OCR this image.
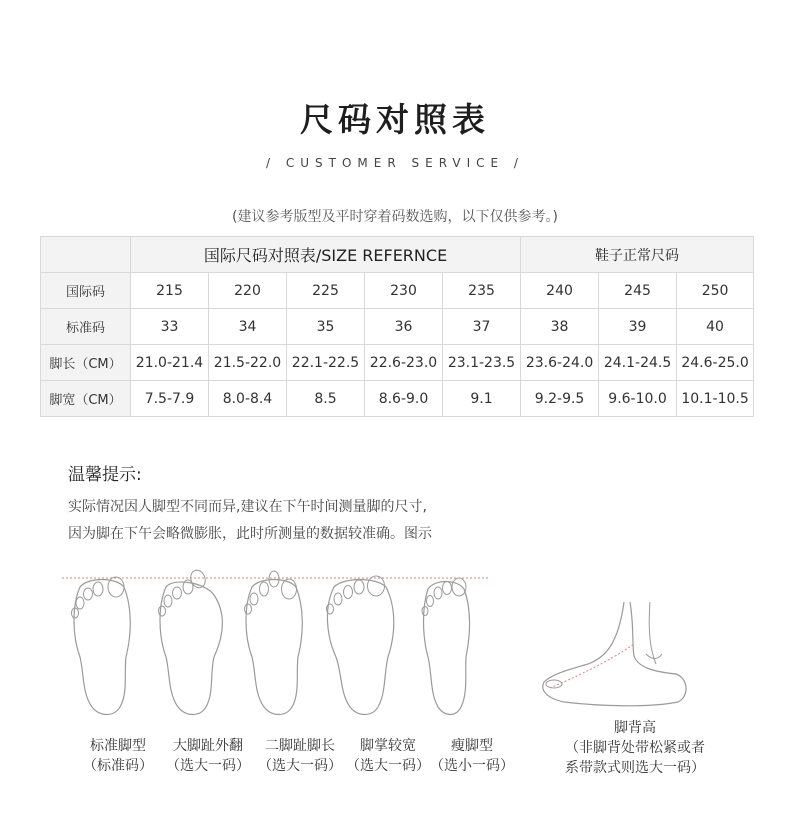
尺码对照表
/ CUSTOMER SERVICE /
(建议参考版型及平时穿着码数选购，以下仅供参考。)
	国际尺码对照表/SIZE REFERNCE					鞋子正常尺码		
国际码	215	220	225	230	235	240	245	250
标准码	33	34	35	36	37	38	39	40
脚长（CM）	21.0-21.4	21.5-22.0	22.1-22.5	22.6-23.0	23.1-23.5	23.6-24.0	24.1-24.5	24.6-25.0
脚宽（CM）	7.5-7.9	8.0-8.4	8.5	8.6-9.0	9.1	9.2-9.5	9.6-10.0	10.1-10.5
温馨提示:
实际情况因人脚型不同而异,建议在下午时间测量脚的尺寸,
因为脚在下午会略微膨胀，此时所测量的数据较准确。图示
标准脚型
（标准码）
大脚趾外翻
（选大一码）
二脚趾脚长
（选大一码）
脚掌较宽
（选大一码）
瘦脚型
（选小一码）
脚背高
（非脚背处带松紧或者
系带款式则选大一码）
